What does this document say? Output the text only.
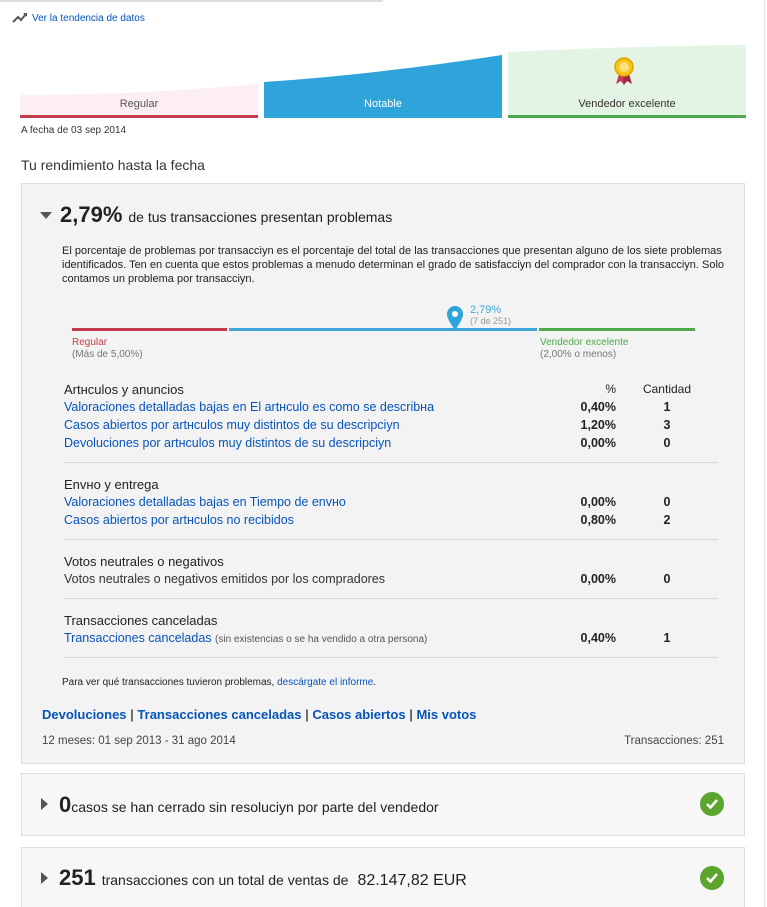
Ver la tendencia de datos
Regular	Notable	Vendedor excelente
A fecha de 03 sep 2014
Tu rendimiento hasta la fecha
2,79% de tus transacciones presentan problemas
El porcentaje de problemas por transacciyn es el porcentaje del total de las transacciones que presentan alguno de los siete problemas identificados. Ten en cuenta que estos problemas a menudo determinan el grado de satisfacciyn del comprador con la transacciyn. Solo contamos un problema por transacciyn.
2,79%
(7 de 251)
Regular
(Más de 5,00%)
Vendedor excelente
(2,00% o menos)
Artнculos y anuncios	%	Cantidad
Valoraciones detalladas bajas en El artнculo es como se describнa	0,40%	1
Casos abiertos por artнculos muy distintos de su descripciуn	1,20%	3
Devoluciones por artнculos muy distintos de su descripciуn	0,00%	0
Envнo y entrega
Valoraciones detalladas bajas en Tiempo de envнo	0,00%	0
Casos abiertos por artнculos no recibidos	0,80%	2
Votos neutrales o negativos
Votos neutrales o negativos emitidos por los compradores	0,00%	0
Transacciones canceladas
Transacciones canceladas (sin existencias o se ha vendido a otra persona)	0,40%	1
Para ver qué transacciones tuvieron problemas, descárgate el informe.
Devoluciones | Transacciones canceladas | Casos abiertos | Mis votos
12 meses: 01 sep 2013 - 31 ago 2014	Transacciones: 251
0 casos se han cerrado sin resoluciуn por parte del vendedor
251 transacciones con un total de ventas de 82.147,82 EUR
